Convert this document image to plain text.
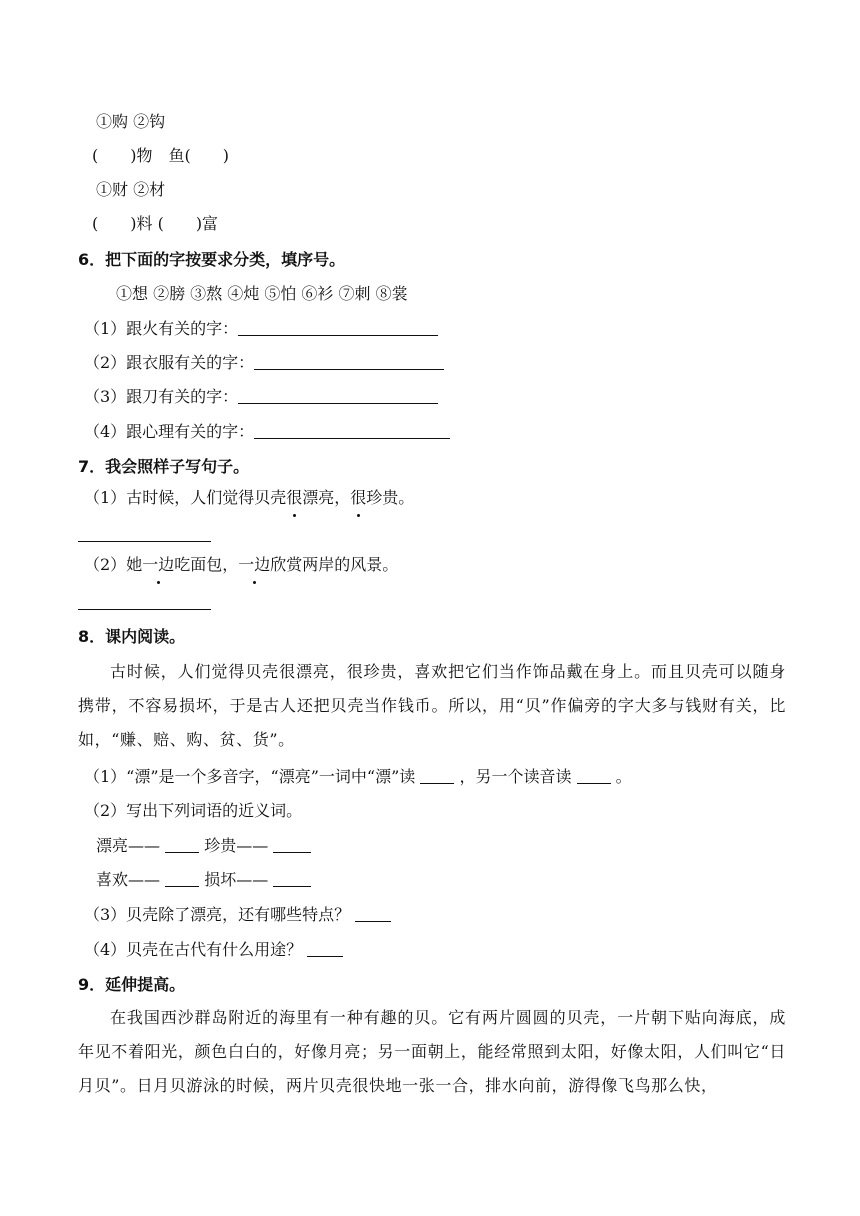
①购 ②钩
(　　)物　鱼(　　)
①财 ②材
(　　)料 (　　)富
6．把下面的字按要求分类，填序号。
①想 ②膀 ③熬 ④炖 ⑤怕 ⑥衫 ⑦刺 ⑧裳
（1）跟火有关的字：
（2）跟衣服有关的字：
（3）跟刀有关的字：
（4）跟心理有关的字：
7．我会照样子写句子。
（1）古时候，人们觉得贝壳很漂亮，很珍贵。
（2）她一边吃面包，一边欣赏两岸的风景。
8．课内阅读。

古时候，人们觉得贝壳很漂亮，很珍贵，喜欢把它们当作饰品戴在身上。而且贝壳可以随身携带，不容易损坏，于是古人还把贝壳当作钱币。所以，用“贝”作偏旁的字大多与钱财有关，比如，“赚、赔、购、贫、货”。

（1）“漂”是一个多音字，“漂亮”一词中“漂”读	，另一个读音读	。
（2）写出下列词语的近义词。
漂亮——	珍贵——
喜欢——	损坏——
（3）贝壳除了漂亮，还有哪些特点？
（4）贝壳在古代有什么用途？
9．延伸提高。

在我国西沙群岛附近的海里有一种有趣的贝。它有两片圆圆的贝壳，一片朝下贴向海底，成年见不着阳光，颜色白白的，好像月亮；另一面朝上，能经常照到太阳，好像太阳，人们叫它“日月贝”。日月贝游泳的时候，两片贝壳很快地一张一合，排水向前，游得像飞鸟那么快，
